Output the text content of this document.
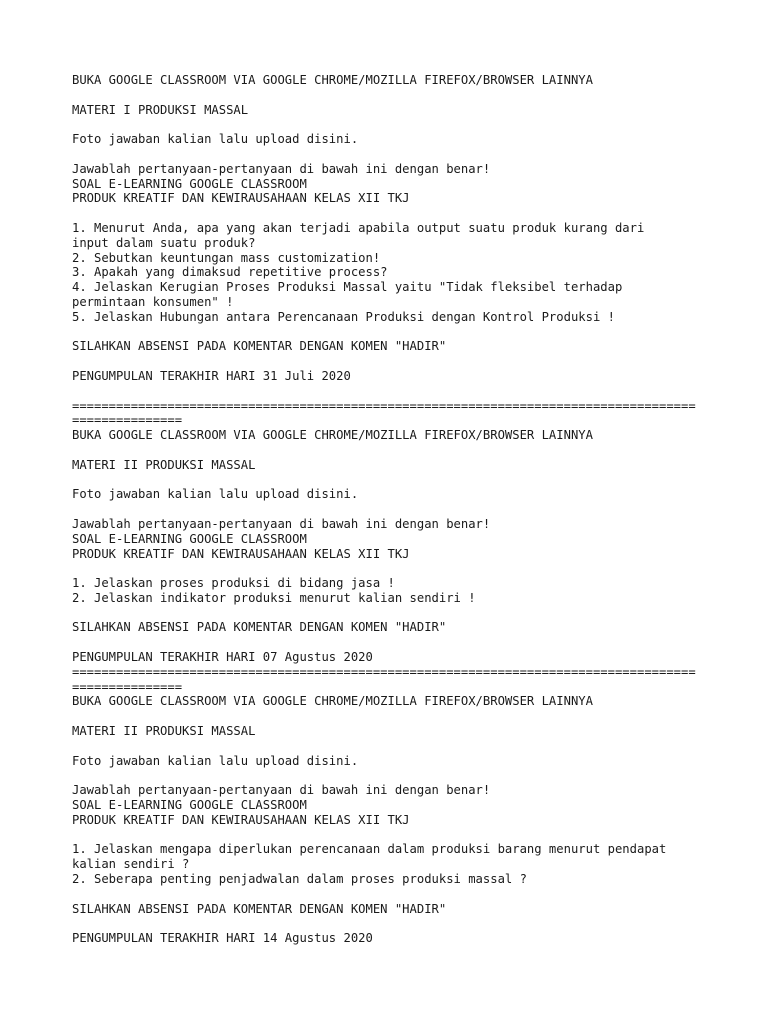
BUKA GOOGLE CLASSROOM VIA GOOGLE CHROME/MOZILLA FIREFOX/BROWSER LAINNYA
MATERI I PRODUKSI MASSAL
Foto jawaban kalian lalu upload disini.
Jawablah pertanyaan-pertanyaan di bawah ini dengan benar!
SOAL E-LEARNING GOOGLE CLASSROOM
PRODUK KREATIF DAN KEWIRAUSAHAAN KELAS XII TKJ
1. Menurut Anda, apa yang akan terjadi apabila output suatu produk kurang dari
input dalam suatu produk?
2. Sebutkan keuntungan mass customization!
3. Apakah yang dimaksud repetitive process?
4. Jelaskan Kerugian Proses Produksi Massal yaitu "Tidak fleksibel terhadap
permintaan konsumen" !
5. Jelaskan Hubungan antara Perencanaan Produksi dengan Kontrol Produksi !
SILAHKAN ABSENSI PADA KOMENTAR DENGAN KOMEN "HADIR"
PENGUMPULAN TERAKHIR HARI 31 Juli 2020
=====================================================================================
===============
BUKA GOOGLE CLASSROOM VIA GOOGLE CHROME/MOZILLA FIREFOX/BROWSER LAINNYA
MATERI II PRODUKSI MASSAL
Foto jawaban kalian lalu upload disini.
Jawablah pertanyaan-pertanyaan di bawah ini dengan benar!
SOAL E-LEARNING GOOGLE CLASSROOM
PRODUK KREATIF DAN KEWIRAUSAHAAN KELAS XII TKJ
1. Jelaskan proses produksi di bidang jasa !
2. Jelaskan indikator produksi menurut kalian sendiri !
SILAHKAN ABSENSI PADA KOMENTAR DENGAN KOMEN "HADIR"
PENGUMPULAN TERAKHIR HARI 07 Agustus 2020
=====================================================================================
===============
BUKA GOOGLE CLASSROOM VIA GOOGLE CHROME/MOZILLA FIREFOX/BROWSER LAINNYA
MATERI II PRODUKSI MASSAL
Foto jawaban kalian lalu upload disini.
Jawablah pertanyaan-pertanyaan di bawah ini dengan benar!
SOAL E-LEARNING GOOGLE CLASSROOM
PRODUK KREATIF DAN KEWIRAUSAHAAN KELAS XII TKJ
1. Jelaskan mengapa diperlukan perencanaan dalam produksi barang menurut pendapat
kalian sendiri ?
2. Seberapa penting penjadwalan dalam proses produksi massal ?
SILAHKAN ABSENSI PADA KOMENTAR DENGAN KOMEN "HADIR"
PENGUMPULAN TERAKHIR HARI 14 Agustus 2020
